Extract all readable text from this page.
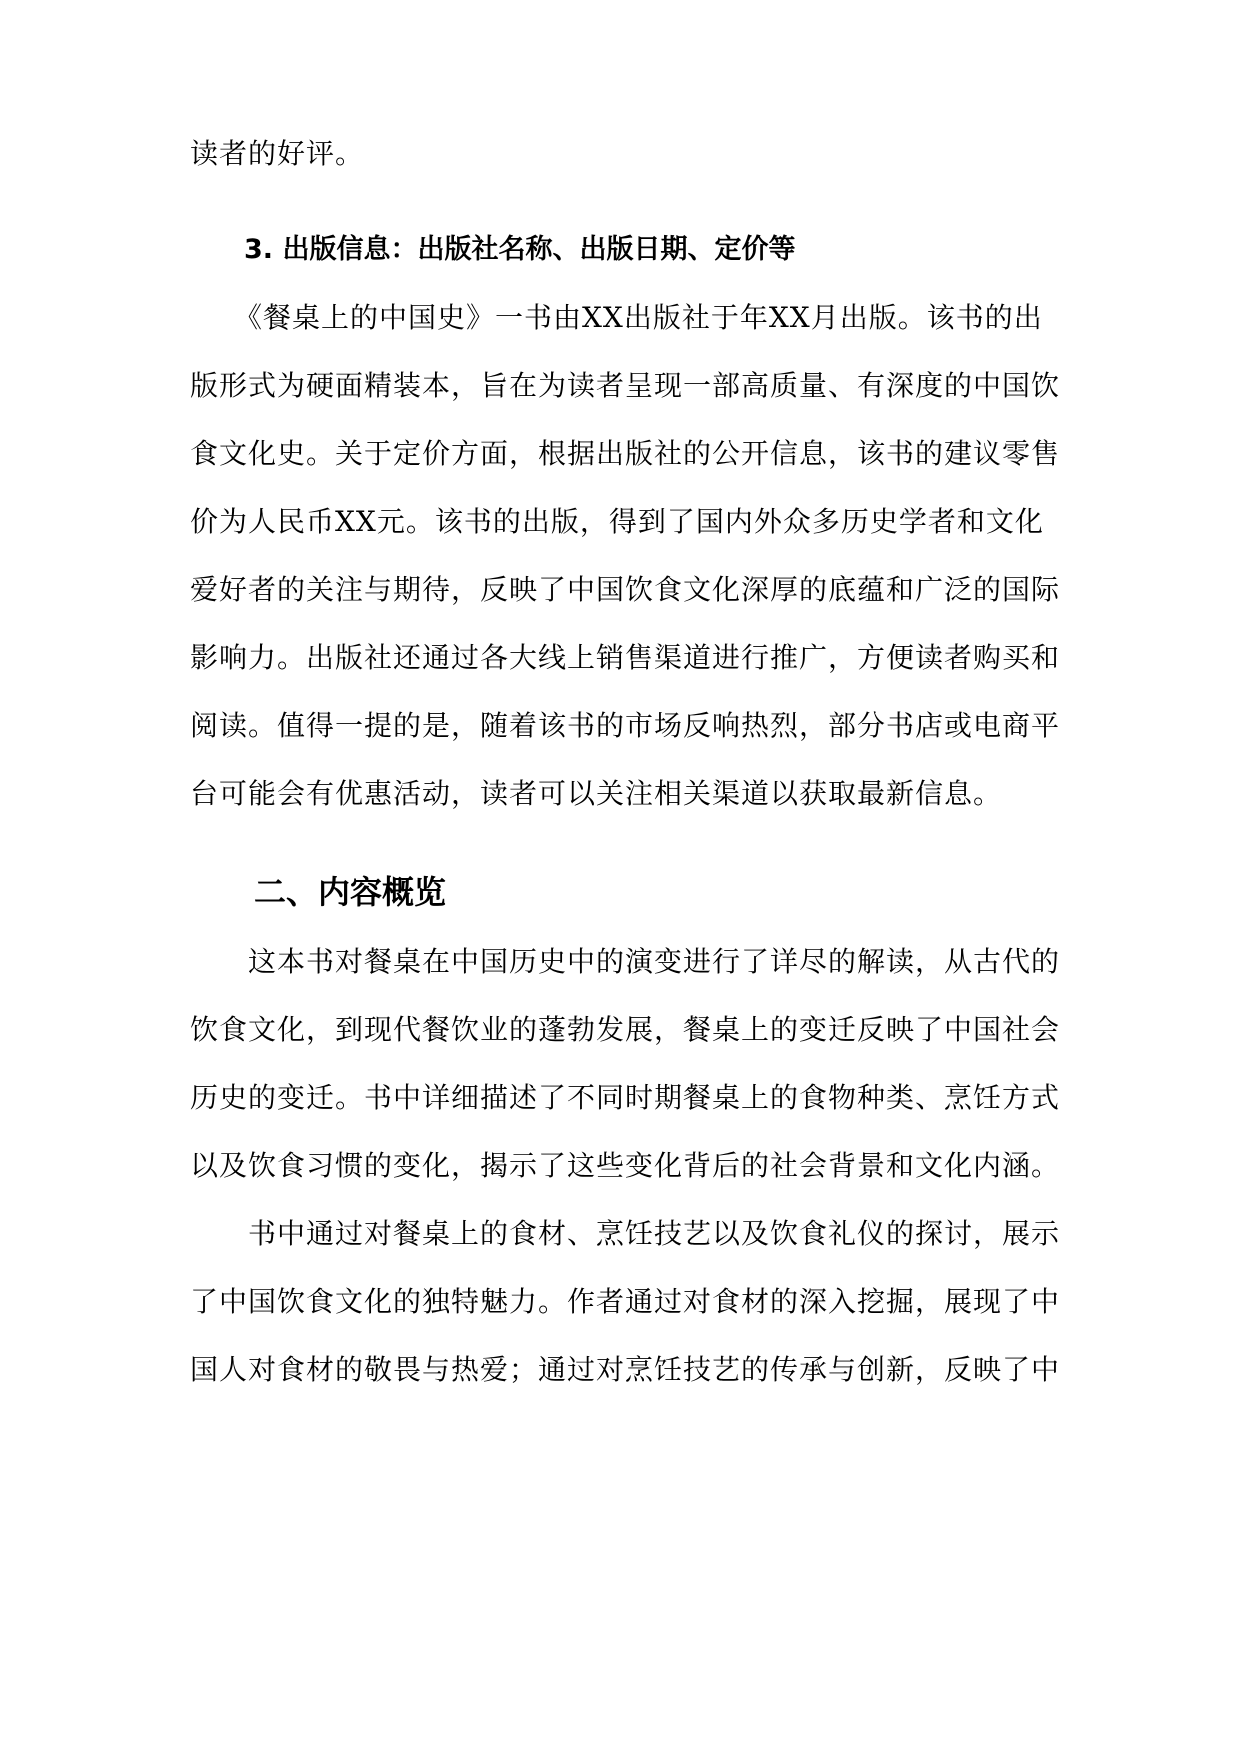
读者的好评。
3. 出版信息：出版社名称、出版日期、定价等
　　《餐桌上的中国史》一书由XX出版社于年XX月出版。该书的出
版形式为硬面精装本，旨在为读者呈现一部高质量、有深度的中国饮
食文化史。关于定价方面，根据出版社的公开信息，该书的建议零售
价为人民币XX元。该书的出版，得到了国内外众多历史学者和文化
爱好者的关注与期待，反映了中国饮食文化深厚的底蕴和广泛的国际
影响力。出版社还通过各大线上销售渠道进行推广，方便读者购买和
阅读。值得一提的是，随着该书的市场反响热烈，部分书店或电商平
台可能会有优惠活动，读者可以关注相关渠道以获取最新信息。
二、内容概览
　　这本书对餐桌在中国历史中的演变进行了详尽的解读，从古代的
饮食文化，到现代餐饮业的蓬勃发展，餐桌上的变迁反映了中国社会
历史的变迁。书中详细描述了不同时期餐桌上的食物种类、烹饪方式
以及饮食习惯的变化，揭示了这些变化背后的社会背景和文化内涵。
　　书中通过对餐桌上的食材、烹饪技艺以及饮食礼仪的探讨，展示
了中国饮食文化的独特魅力。作者通过对食材的深入挖掘，展现了中
国人对食材的敬畏与热爱；通过对烹饪技艺的传承与创新，反映了中
